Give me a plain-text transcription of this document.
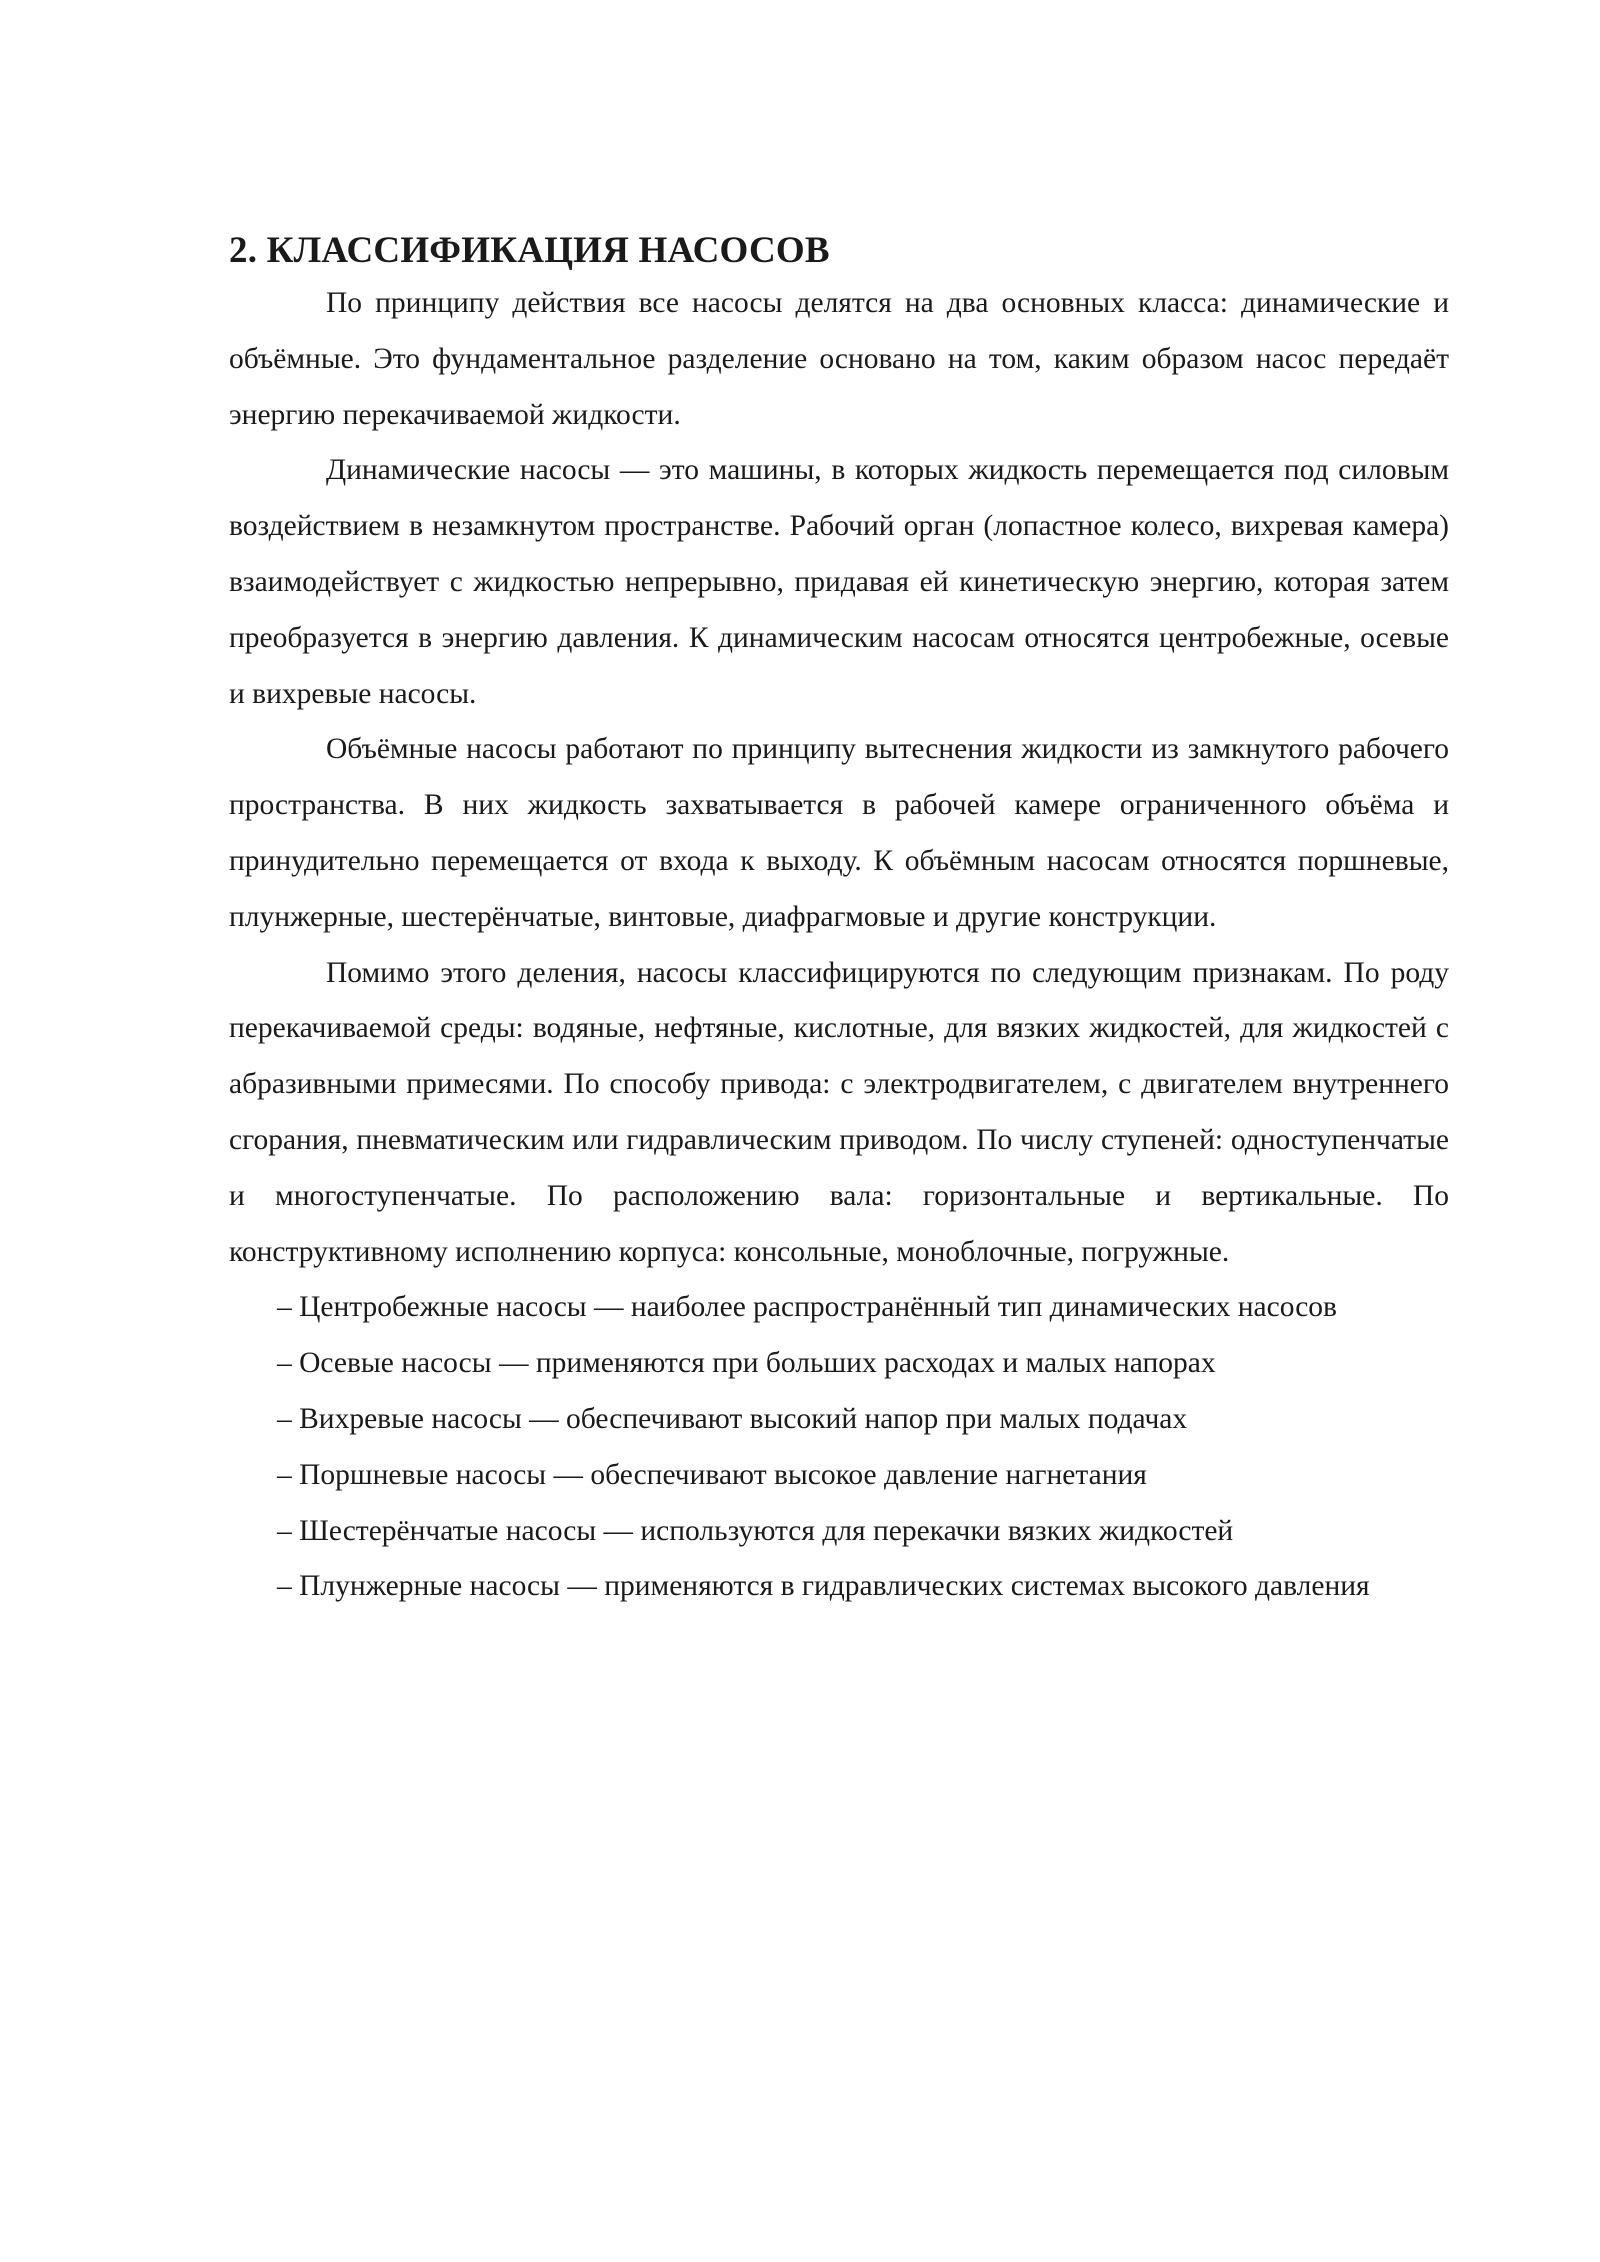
2. КЛАССИФИКАЦИЯ НАСОСОВ

По принципу действия все насосы делятся на два основных класса: динамические и объёмные. Это фундаментальное разделение основано на том, каким образом насос передаёт энергию перекачиваемой жидкости.

Динамические насосы — это машины, в которых жидкость перемещается под силовым воздействием в незамкнутом пространстве. Рабочий орган (лопастное колесо, вихревая камера) взаимодействует с жидкостью непрерывно, придавая ей кинетическую энергию, которая затем преобразуется в энергию давления. К динамическим насосам относятся центробежные, осевые и вихревые насосы.

Объёмные насосы работают по принципу вытеснения жидкости из замкнутого рабочего пространства. В них жидкость захватывается в рабочей камере ограниченного объёма и принудительно перемещается от входа к выходу. К объёмным насосам относятся поршневые, плунжерные, шестерёнчатые, винтовые, диафрагмовые и другие конструкции.

Помимо этого деления, насосы классифицируются по следующим признакам. По роду перекачиваемой среды: водяные, нефтяные, кислотные, для вязких жидкостей, для жидкостей с абразивными примесями. По способу привода: с электродвигателем, с двигателем внутреннего сгорания, пневматическим или гидравлическим приводом. По числу ступеней: одноступенчатые и многоступенчатые. По расположению вала: горизонтальные и вертикальные. По конструктивному исполнению корпуса: консольные, моноблочные, погружные.

– Центробежные насосы — наиболее распространённый тип динамических насосов
– Осевые насосы — применяются при больших расходах и малых напорах
– Вихревые насосы — обеспечивают высокий напор при малых подачах
– Поршневые насосы — обеспечивают высокое давление нагнетания
– Шестерёнчатые насосы — используются для перекачки вязких жидкостей
– Плунжерные насосы — применяются в гидравлических системах высокого давления
